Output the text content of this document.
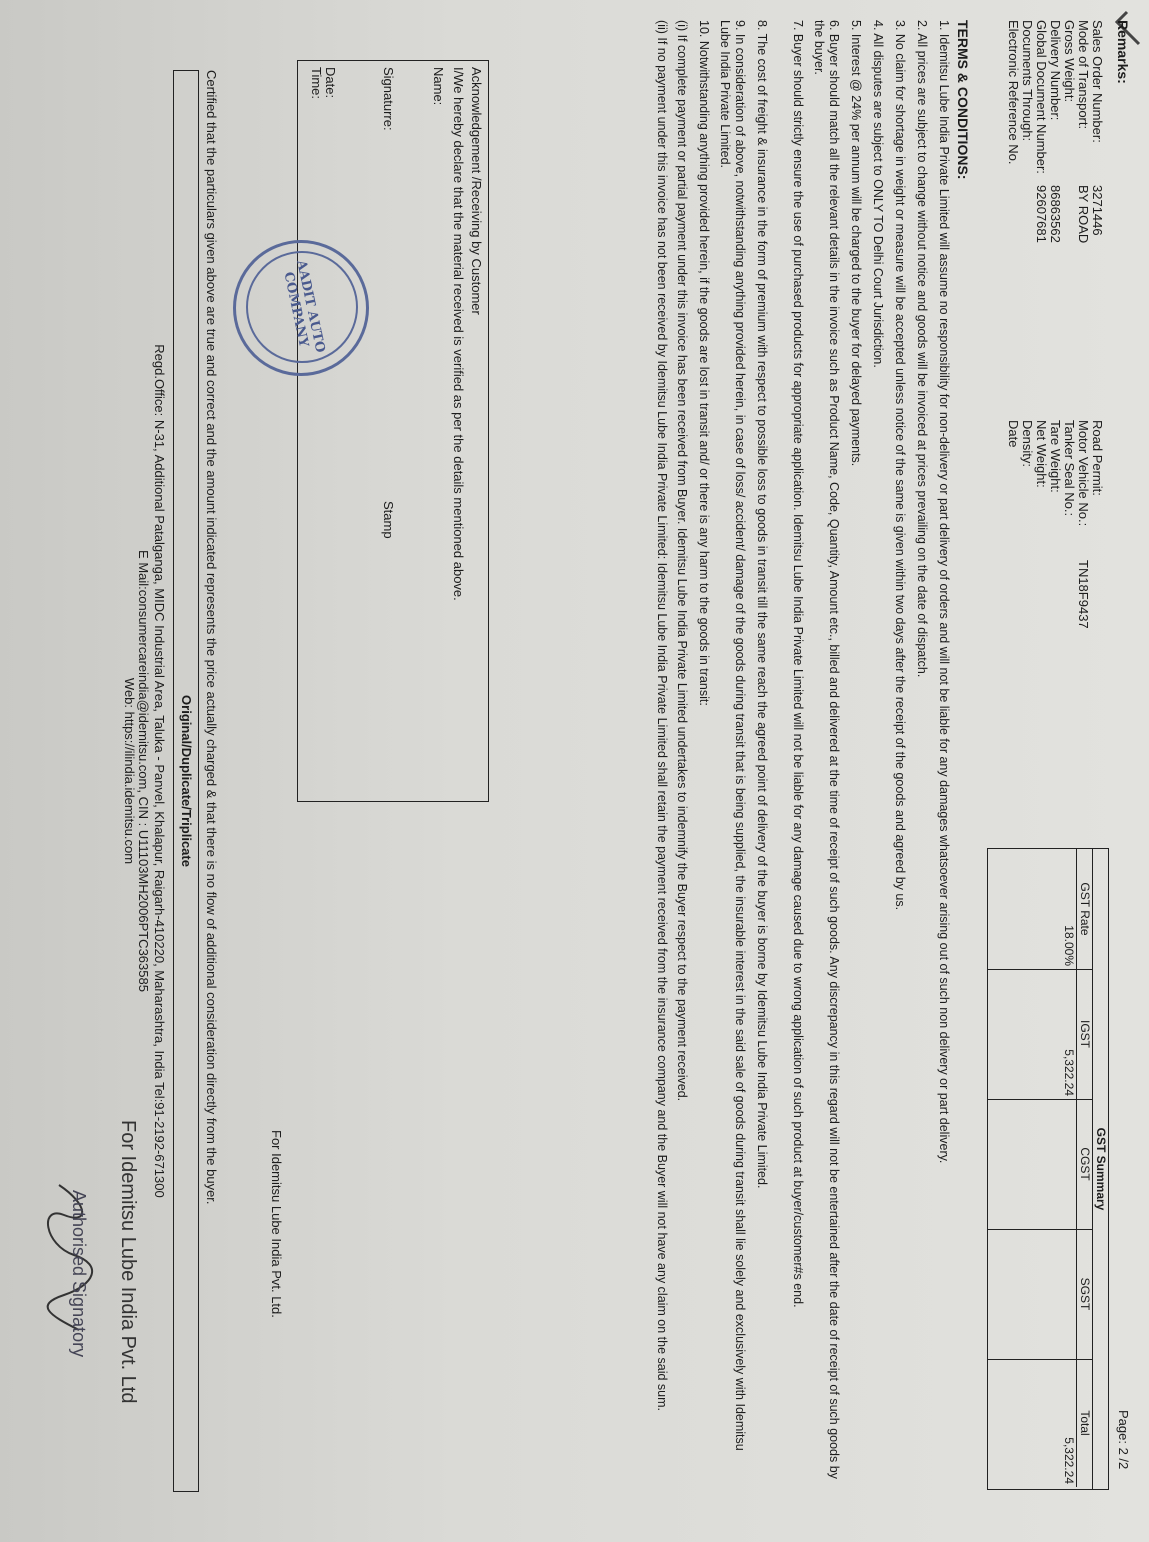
Remarks:
Page: 2 /2
Sales Order Number:
3271446
Mode of Transport:
BY ROAD
Gross Weight:
Delivery Number:
86863562
Global Document Number:
92607681
Documents Through:
Electronic Reference No.
Road Permit:
Motor Vehicle No.:
TN18F9437
Tanker Seal No.:
Tare Weight:
Net Weight:
Density:
Date
GST Summary
GST Rate
18.00%
IGST
5,322.24
CGST
SGST
Total
5,322.24
TERMS & CONDITIONS:
1. Idemitsu Lube India Private Limited will assume no responsibility for non-delivery or part delivery of orders and will not be liable for any damages whatsoever arising out of such non delivery or part delivery.
2. All prices are subject to change without notice and goods will be invoiced at prices prevailing on the date of dispatch.
3. No claim for shortage in weight or measure will be accepted unless notice of the same is given within two days after the receipt of the goods and agreed by us.
4. All disputes are subject to ONLY TO Delhi Court Jurisdiction.
5. Interest @ 24% per annum will be charged to the buyer for delayed payments.
6. Buyer should match all the relevant details in the invoice such as Product Name, Code, Quantity, Amount etc., billed and delivered at the time of receipt of such goods. Any discrepancy in this regard will not be entertained after the date of receipt of such goods by the buyer.
7. Buyer should strictly ensure the use of purchased products for appropriate application. Idemitsu Lube India Private Limited will not be liable for any damage caused due to wrong application of such product at buyer/customer#s end.
8. The cost of freight & insurance in the form of premium with respect to possible loss to goods in transit till the same reach the agreed point of delivery of the buyer is borne by Idemitsu Lube India Private Limited.
9. In consideration of above, notwithstanding anything provided herein, in case of loss/ accident/ damage of the goods during transit that is being supplied, the insurable interest in the said sale of goods during transit shall lie solely and exclusively with Idemitsu Lube India Private Limited.
10. Notwithstanding anything provided herein, if the goods are lost in transit and/ or there is any harm to the goods in transit:
(i) If complete payment or partial payment under this invoice has been received from Buyer. Idemitsu Lube India Private Limited undertakes to indemnify the Buyer respect to the payment received.
(ii) If no payment under this invoice has not been received by Idemitsu Lube India Private Limited: Idemitsu Lube India Private Limited shall retain the payment received from the insurance company and the Buyer will not have any claim on the said sum.
For Idemitsu Lube India Pvt. Ltd.
Acknowledgement /Receiving by Customer
I/We hereby declare that the material received is verified as per the details mentioned above.
Name:
Signaturre:
Stamp
Date:
Time:
AADIT AUTO COMPANY
For Idemitsu Lube India Pvt. Ltd
Authorised Signatory
Certified that the particulars given above are true and correct and the amount indicated represents the price actually charged & that there is no flow of additional consideration directly from the buyer.
Original/Duplicate/Triplicate
Regd.Office: N-31, Additional Patalganga, MIDC Industrial Area, Taluka - Panvel, Khalapur, Raigarh-410220, Maharashtra, India Tel:91-2192-671300
E Mail:consumercareindia@idemitsu.com, CIN : U11103MH2006PTC363585
Web: https://ilindia.idemitsu.com
